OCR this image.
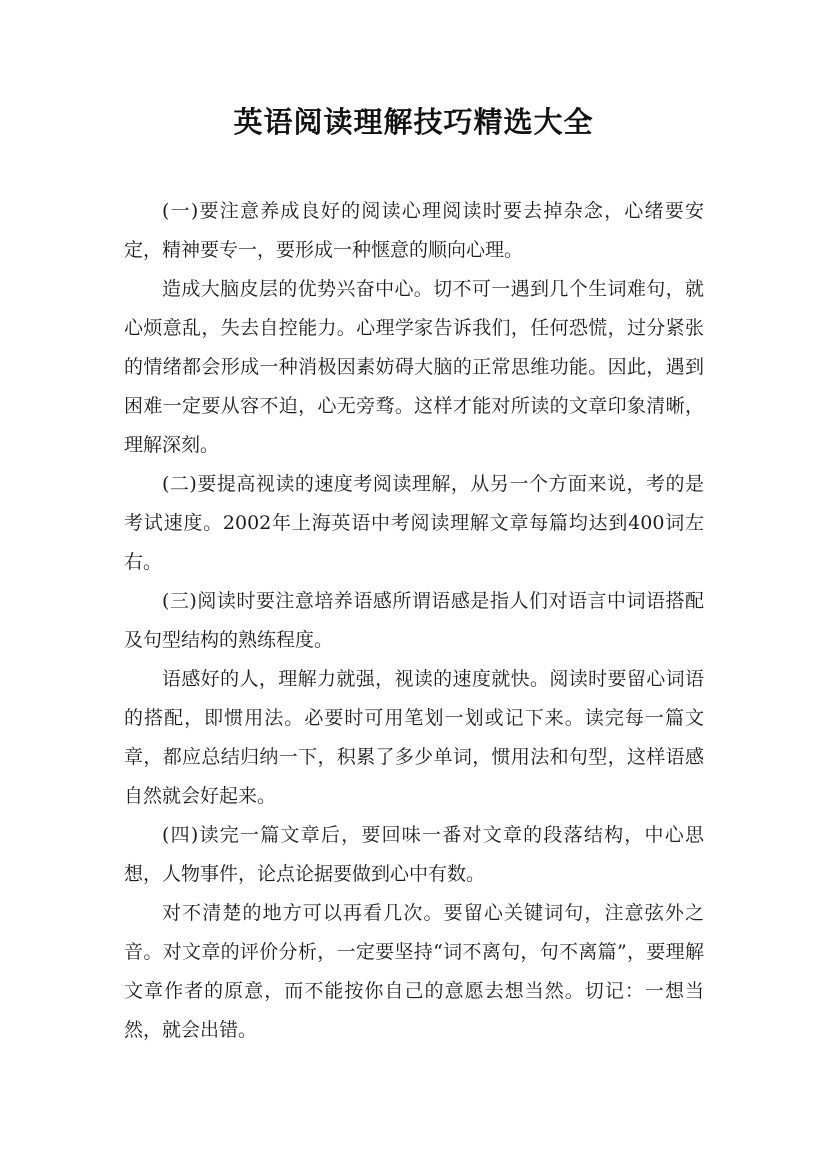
英语阅读理解技巧精选大全

(一)要注意养成良好的阅读心理阅读时要去掉杂念，心绪要安定，精神要专一，要形成一种惬意的顺向心理。

造成大脑皮层的优势兴奋中心。切不可一遇到几个生词难句，就心烦意乱，失去自控能力。心理学家告诉我们，任何恐慌，过分紧张的情绪都会形成一种消极因素妨碍大脑的正常思维功能。因此，遇到困难一定要从容不迫，心无旁骛。这样才能对所读的文章印象清晰，理解深刻。

(二)要提高视读的速度考阅读理解，从另一个方面来说，考的是考试速度。2002年上海英语中考阅读理解文章每篇均达到400词左右。

(三)阅读时要注意培养语感所谓语感是指人们对语言中词语搭配及句型结构的熟练程度。

语感好的人，理解力就强，视读的速度就快。阅读时要留心词语的搭配，即惯用法。必要时可用笔划一划或记下来。读完每一篇文章，都应总结归纳一下，积累了多少单词，惯用法和句型，这样语感自然就会好起来。

(四)读完一篇文章后，要回味一番对文章的段落结构，中心思想，人物事件，论点论据要做到心中有数。

对不清楚的地方可以再看几次。要留心关键词句，注意弦外之音。对文章的评价分析，一定要坚持“词不离句，句不离篇”，要理解文章作者的原意，而不能按你自己的意愿去想当然。切记：一想当然，就会出错。
